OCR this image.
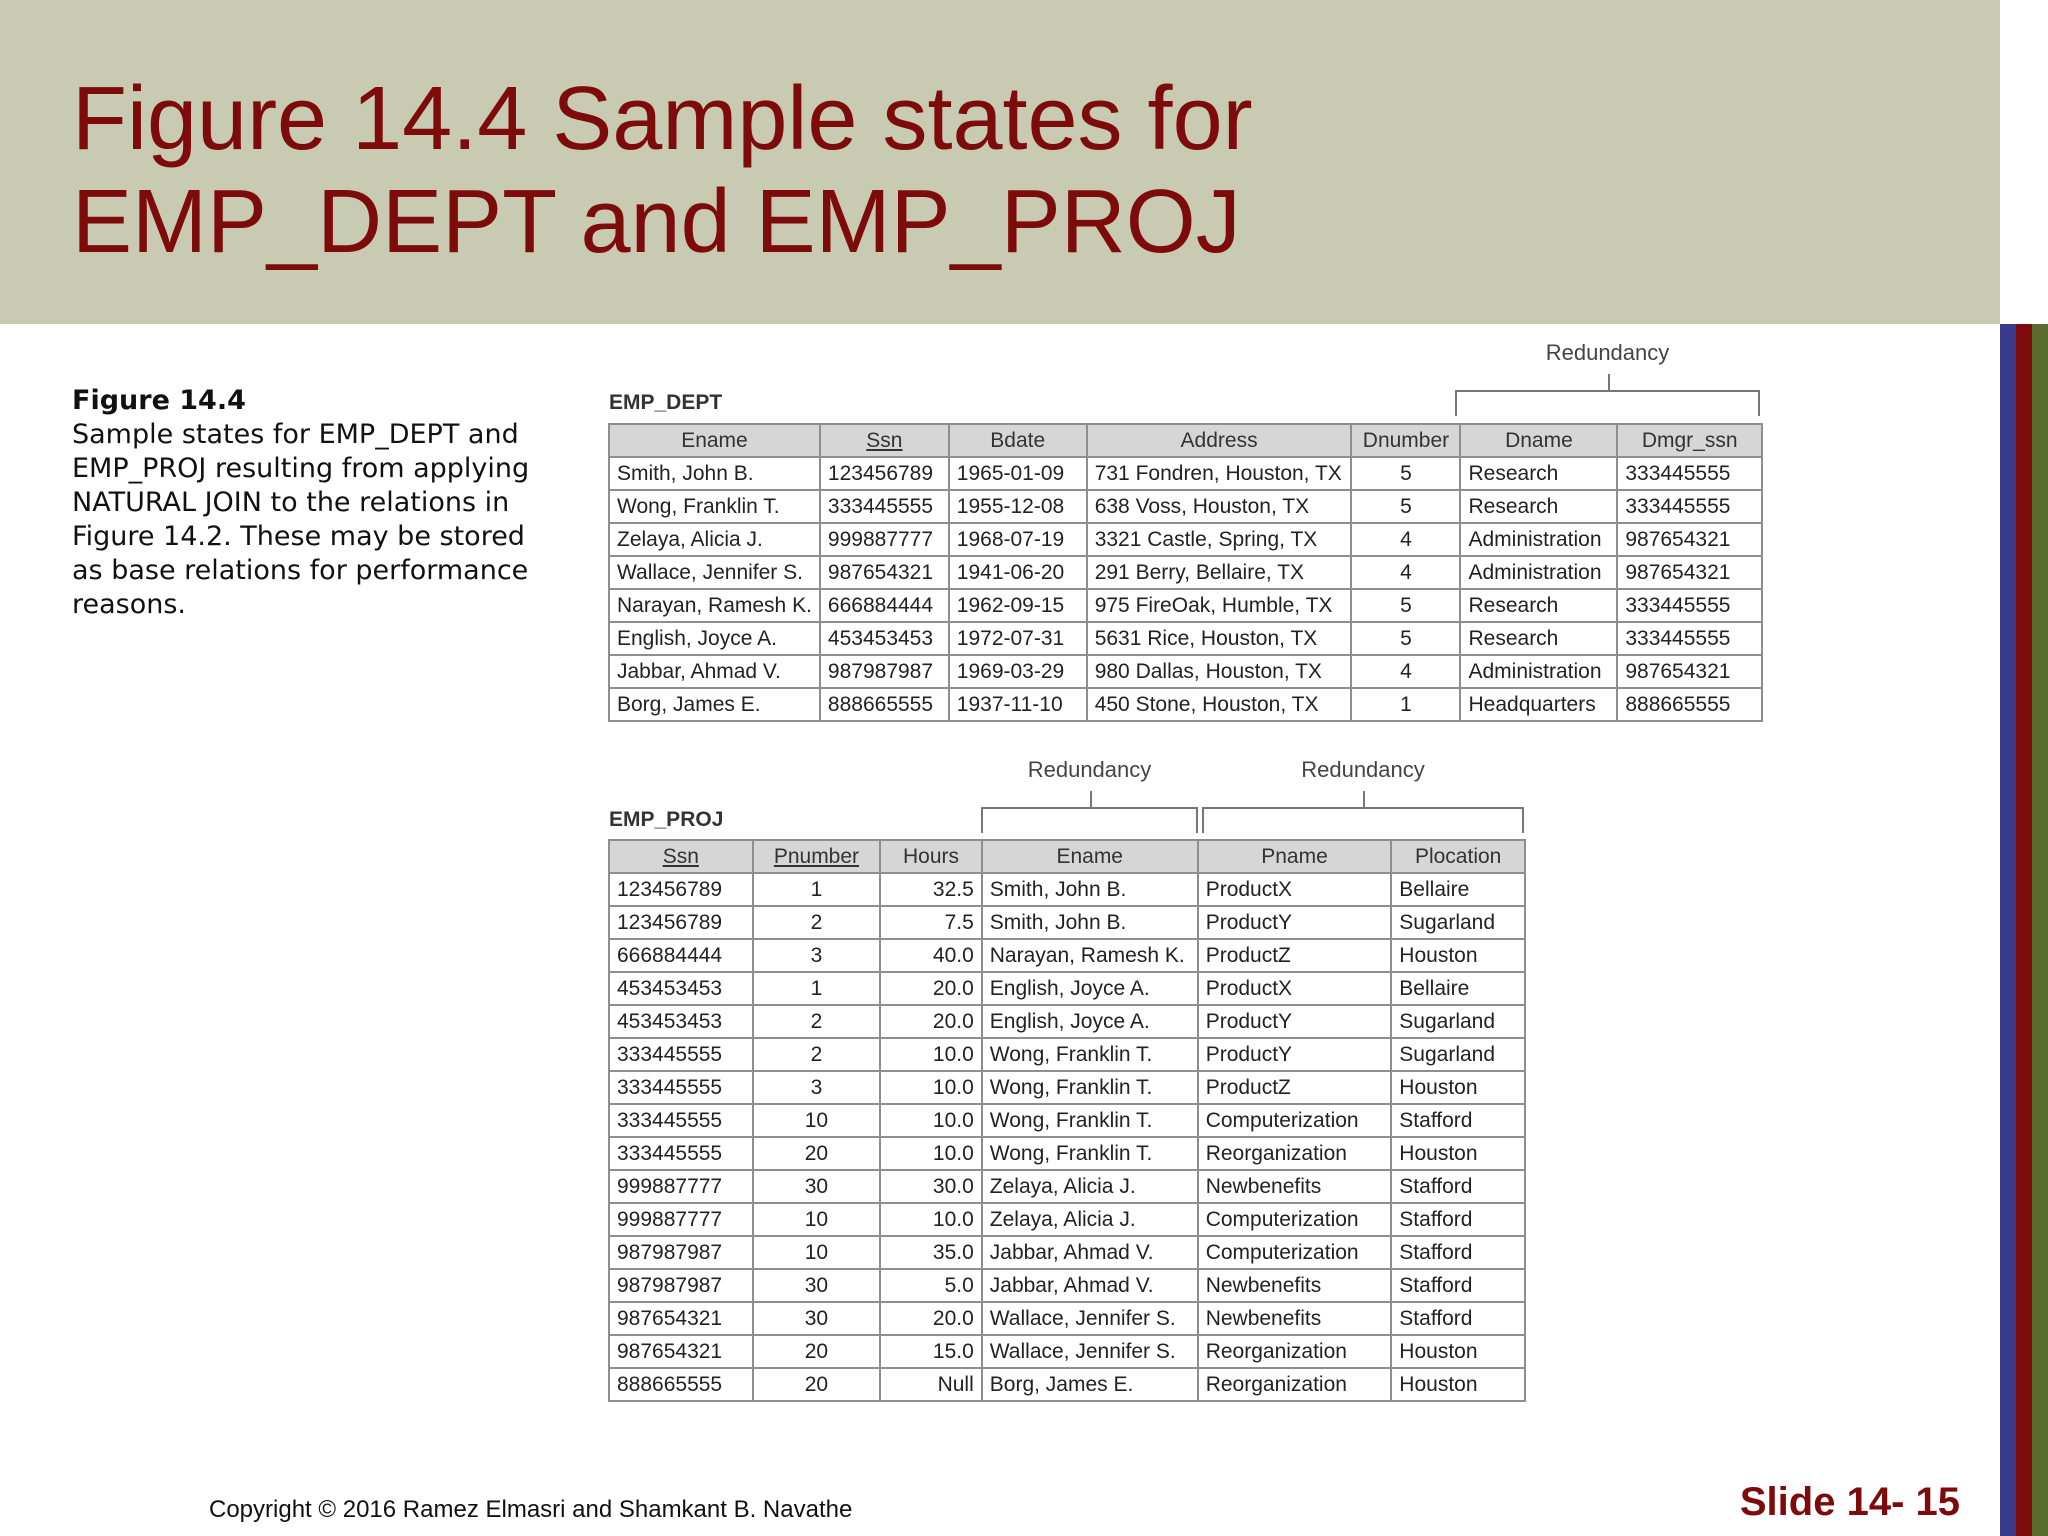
Figure 14.4 Sample states for
EMP_DEPT and EMP_PROJ
Figure 14.4
Sample states for EMP_DEPT and EMP_PROJ resulting from applying NATURAL JOIN to the relations in Figure 14.2. These may be stored as base relations for performance reasons.
Redundancy
EMP_DEPT
Ename	Ssn	Bdate	Address	Dnumber	Dname	Dmgr_ssn
Smith, John B.	123456789	1965-01-09	731 Fondren, Houston, TX	5	Research	333445555
Wong, Franklin T.	333445555	1955-12-08	638 Voss, Houston, TX	5	Research	333445555
Zelaya, Alicia J.	999887777	1968-07-19	3321 Castle, Spring, TX	4	Administration	987654321
Wallace, Jennifer S.	987654321	1941-06-20	291 Berry, Bellaire, TX	4	Administration	987654321
Narayan, Ramesh K.	666884444	1962-09-15	975 FireOak, Humble, TX	5	Research	333445555
English, Joyce A.	453453453	1972-07-31	5631 Rice, Houston, TX	5	Research	333445555
Jabbar, Ahmad V.	987987987	1969-03-29	980 Dallas, Houston, TX	4	Administration	987654321
Borg, James E.	888665555	1937-11-10	450 Stone, Houston, TX	1	Headquarters	888665555
Redundancy	Redundancy
EMP_PROJ
Ssn	Pnumber	Hours	Ename	Pname	Plocation
123456789	1	32.5	Smith, John B.	ProductX	Bellaire
123456789	2	7.5	Smith, John B.	ProductY	Sugarland
666884444	3	40.0	Narayan, Ramesh K.	ProductZ	Houston
453453453	1	20.0	English, Joyce A.	ProductX	Bellaire
453453453	2	20.0	English, Joyce A.	ProductY	Sugarland
333445555	2	10.0	Wong, Franklin T.	ProductY	Sugarland
333445555	3	10.0	Wong, Franklin T.	ProductZ	Houston
333445555	10	10.0	Wong, Franklin T.	Computerization	Stafford
333445555	20	10.0	Wong, Franklin T.	Reorganization	Houston
999887777	30	30.0	Zelaya, Alicia J.	Newbenefits	Stafford
999887777	10	10.0	Zelaya, Alicia J.	Computerization	Stafford
987987987	10	35.0	Jabbar, Ahmad V.	Computerization	Stafford
987987987	30	5.0	Jabbar, Ahmad V.	Newbenefits	Stafford
987654321	30	20.0	Wallace, Jennifer S.	Newbenefits	Stafford
987654321	20	15.0	Wallace, Jennifer S.	Reorganization	Houston
888665555	20	Null	Borg, James E.	Reorganization	Houston
Copyright © 2016 Ramez Elmasri and Shamkant B. Navathe	Slide 14- 15
